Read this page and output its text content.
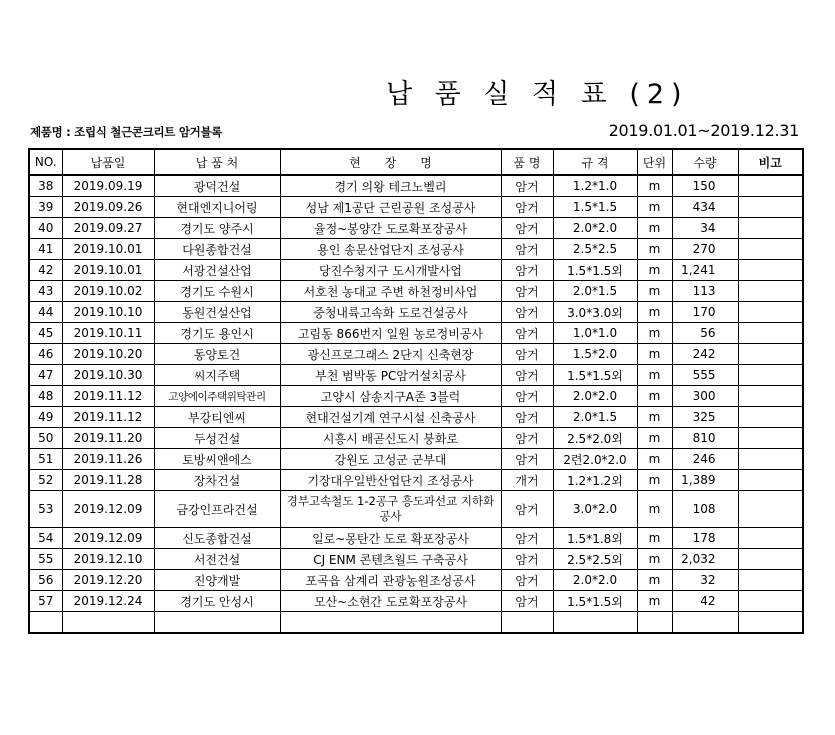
납 품 실 적 표 (2)
제품명 : 조립식 철근콘크리트 암거블록	2019.01.01~2019.12.31
NO.	납품일	납 품 처	현　　장　　명	품 명	규 격	단위	수량	비고
38	2019.09.19	광덕건설	경기 의왕 테크노벨리	암거	1.2*1.0	m	150	
39	2019.09.26	현대엔지니어링	성남 제1공단 근린공원 조성공사	암거	1.5*1.5	m	434	
40	2019.09.27	경기도 양주시	율정~봉양간 도로확포장공사	암거	2.0*2.0	m	34	
41	2019.10.01	다원종합건설	용인 송문산업단지 조성공사	암거	2.5*2.5	m	270	
42	2019.10.01	서광건설산업	당진수청지구 도시개발사업	암거	1.5*1.5외	m	1,241	
43	2019.10.02	경기도 수원시	서호천 농대교 주변 하천정비사업	암거	2.0*1.5	m	113	
44	2019.10.10	동원건설산업	중청내륙고속화 도로건설공사	암거	3.0*3.0외	m	170	
45	2019.10.11	경기도 용인시	고림동 866번지 일원 농로정비공사	암거	1.0*1.0	m	56	
46	2019.10.20	동양토건	광신프로그래스 2단지 신축현장	암거	1.5*2.0	m	242	
47	2019.10.30	씨지주택	부천 범박동 PC암거설치공사	암거	1.5*1.5외	m	555	
48	2019.11.12	고양에이주택위탁관리	고양시 삼송지구A존 3블럭	암거	2.0*2.0	m	300	
49	2019.11.12	부강티엔씨	현대건설기계 연구시설 신축공사	암거	2.0*1.5	m	325	
50	2019.11.20	두성건설	시흥시 배곧신도시 붕화로	암거	2.5*2.0외	m	810	
51	2019.11.26	토방씨앤에스	강원도 고성군 군부대	암거	2련2.0*2.0	m	246	
52	2019.11.28	장차건설	기장대우일반산업단지 조성공사	개거	1.2*1.2외	m	1,389	
53	2019.12.09	금강인프라건설	경부고속철도 1-2공구 흥도과선교 지하화공사	암거	3.0*2.0	m	108	
54	2019.12.09	신도종합건설	일로~몽탄간 도로 확포장공사	암거	1.5*1.8외	m	178	
55	2019.12.10	서전건설	CJ ENM 콘텐츠월드 구축공사	암거	2.5*2.5외	m	2,032	
56	2019.12.20	진양개발	포곡읍 삼계리 관광농원조성공사	암거	2.0*2.0	m	32	
57	2019.12.24	경기도 안성시	모산~소현간 도로확포장공사	암거	1.5*1.5외	m	42	
